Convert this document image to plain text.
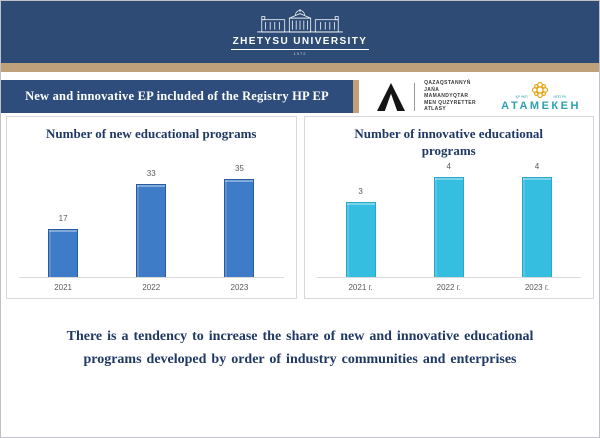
ZHETYSU UNIVERSITY
1972
New and innovative EP included of the Registry HP EP
QAZAQSTANNYŃ
JAŃA
MAMANDYQTAR
MEN QUZYRETTER
ATLASY
ҚР ҰКП	НПП РК
АТАМЕКЕН
Number of new educational programs
17
33
35
2021	2022	2023
Number of innovative educational programs
3
4	4
2021 г.	2022 г.	2023 г.
There is a tendency to increase the share of new and innovative educational programs developed by order of industry communities and enterprises
